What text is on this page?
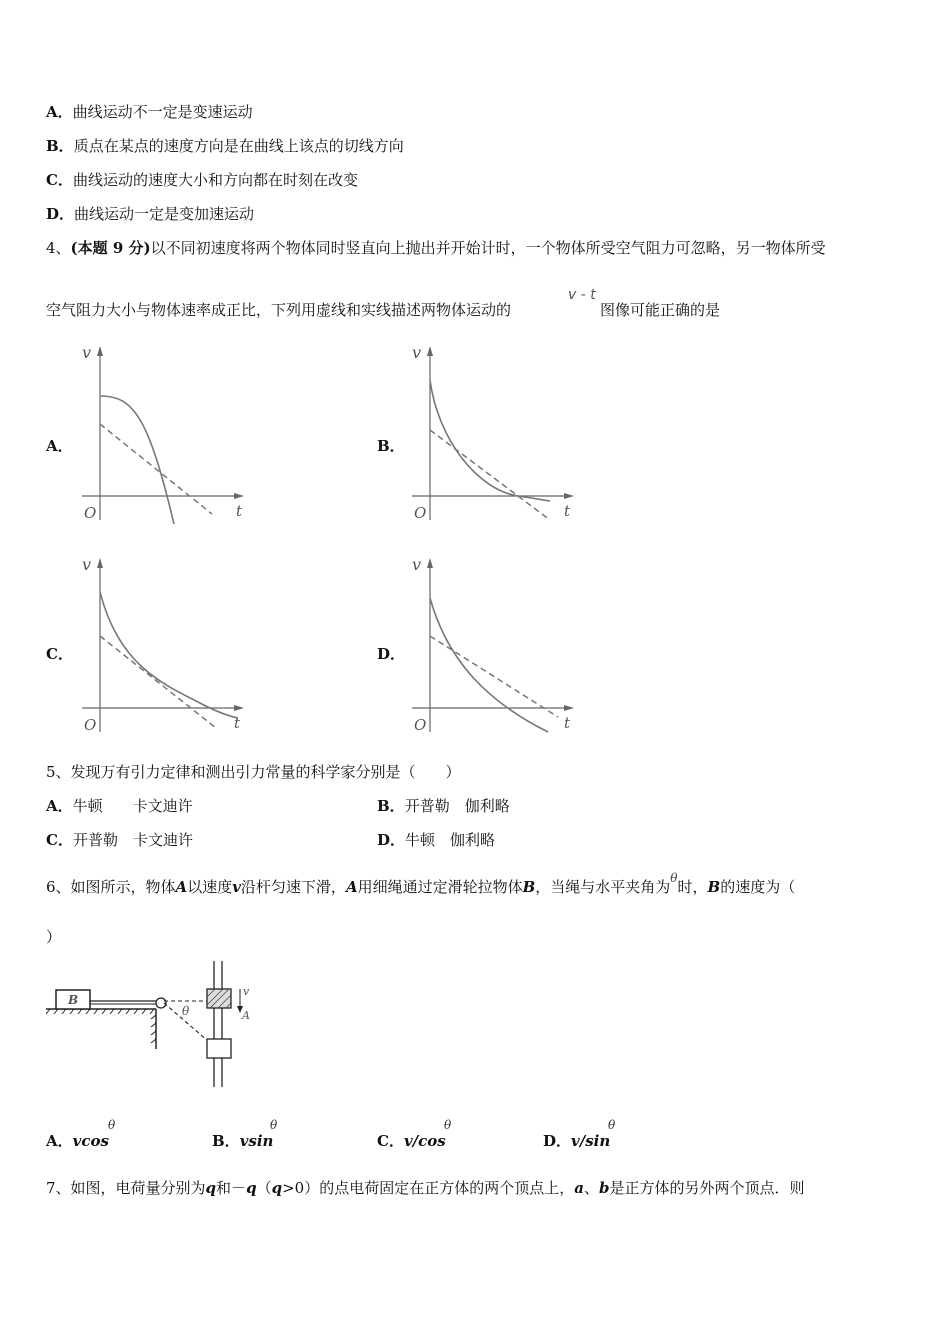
A．曲线运动不一定是变速运动
B．质点在某点的速度方向是在曲线上该点的切线方向
C．曲线运动的速度大小和方向都在时刻在改变
D．曲线运动一定是变加速运动
4、(本题 9 分)以不同初速度将两个物体同时竖直向上抛出并开始计时，一个物体所受空气阻力可忽略，另一物体所受
空气阻力大小与物体速率成正比，下列用虚线和实线描述两物体运动的
v - t
图像可能正确的是
A．	B．
C．	D．
v
O	t
v
O	t
v
O	t
v
O	t
5、发现万有引力定律和测出引力常量的科学家分别是（　　）
A．牛顿　　卡文迪许	B．开普勒　伽利略
C．开普勒　卡文迪许	D．牛顿　伽利略
6、如图所示，物体A以速度v沿杆匀速下滑，A用细绳通过定滑轮拉物体B，当绳与水平夹角为$^\theta$时，B的速度为（
）
B
θ
v
A
A．vcos
θ
B．vsin
θ
C．v/cos
θ
D．v/sin
θ
7、如图，电荷量分别为q和－q（q>0）的点电荷固定在正方体的两个顶点上，a、b是正方体的另外两个顶点．则
